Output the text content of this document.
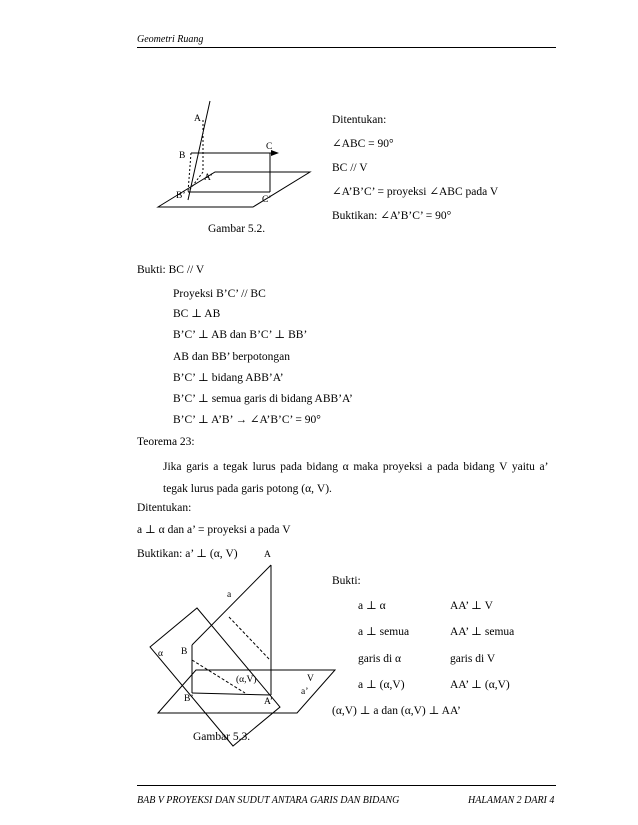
Geometri Ruang
A
B
C
A’
B’	C’
Gambar 5.2.
Ditentukan:
∠ABC = 90°
BC // V
∠A’B’C’ = proyeksi ∠ABC pada V
Buktikan: ∠A’B’C’ = 90°
Bukti: BC // V
Proyeksi B’C’ // BC
BC ⊥ AB
B’C’ ⊥ AB dan B’C’ ⊥ BB’
AB dan BB’ berpotongan
B’C’ ⊥ bidang ABB’A’
B’C’ ⊥ semua garis di bidang ABB’A’
B’C’ ⊥ A’B’ → ∠A’B’C’ = 90°
Teorema 23:
Jika garis a tegak lurus pada bidang α maka proyeksi a pada bidang V yaitu a’
tegak lurus pada garis potong (α, V).
Ditentukan:
a ⊥ α dan a’ = proyeksi a pada V
Buktikan: a’ ⊥ (α, V)	A
a
α B
(α,V)	V
a’
B’	A’
Gambar 5.3.
Bukti:
a ⊥ α	AA’ ⊥ V
a ⊥ semua	AA’ ⊥ semua
garis di α	garis di V
a ⊥ (α,V)	AA’ ⊥ (α,V)
(α,V) ⊥ a dan (α,V) ⊥ AA’
BAB V PROYEKSI DAN SUDUT ANTARA GARIS DAN BIDANG	HALAMAN 2 DARI 4
